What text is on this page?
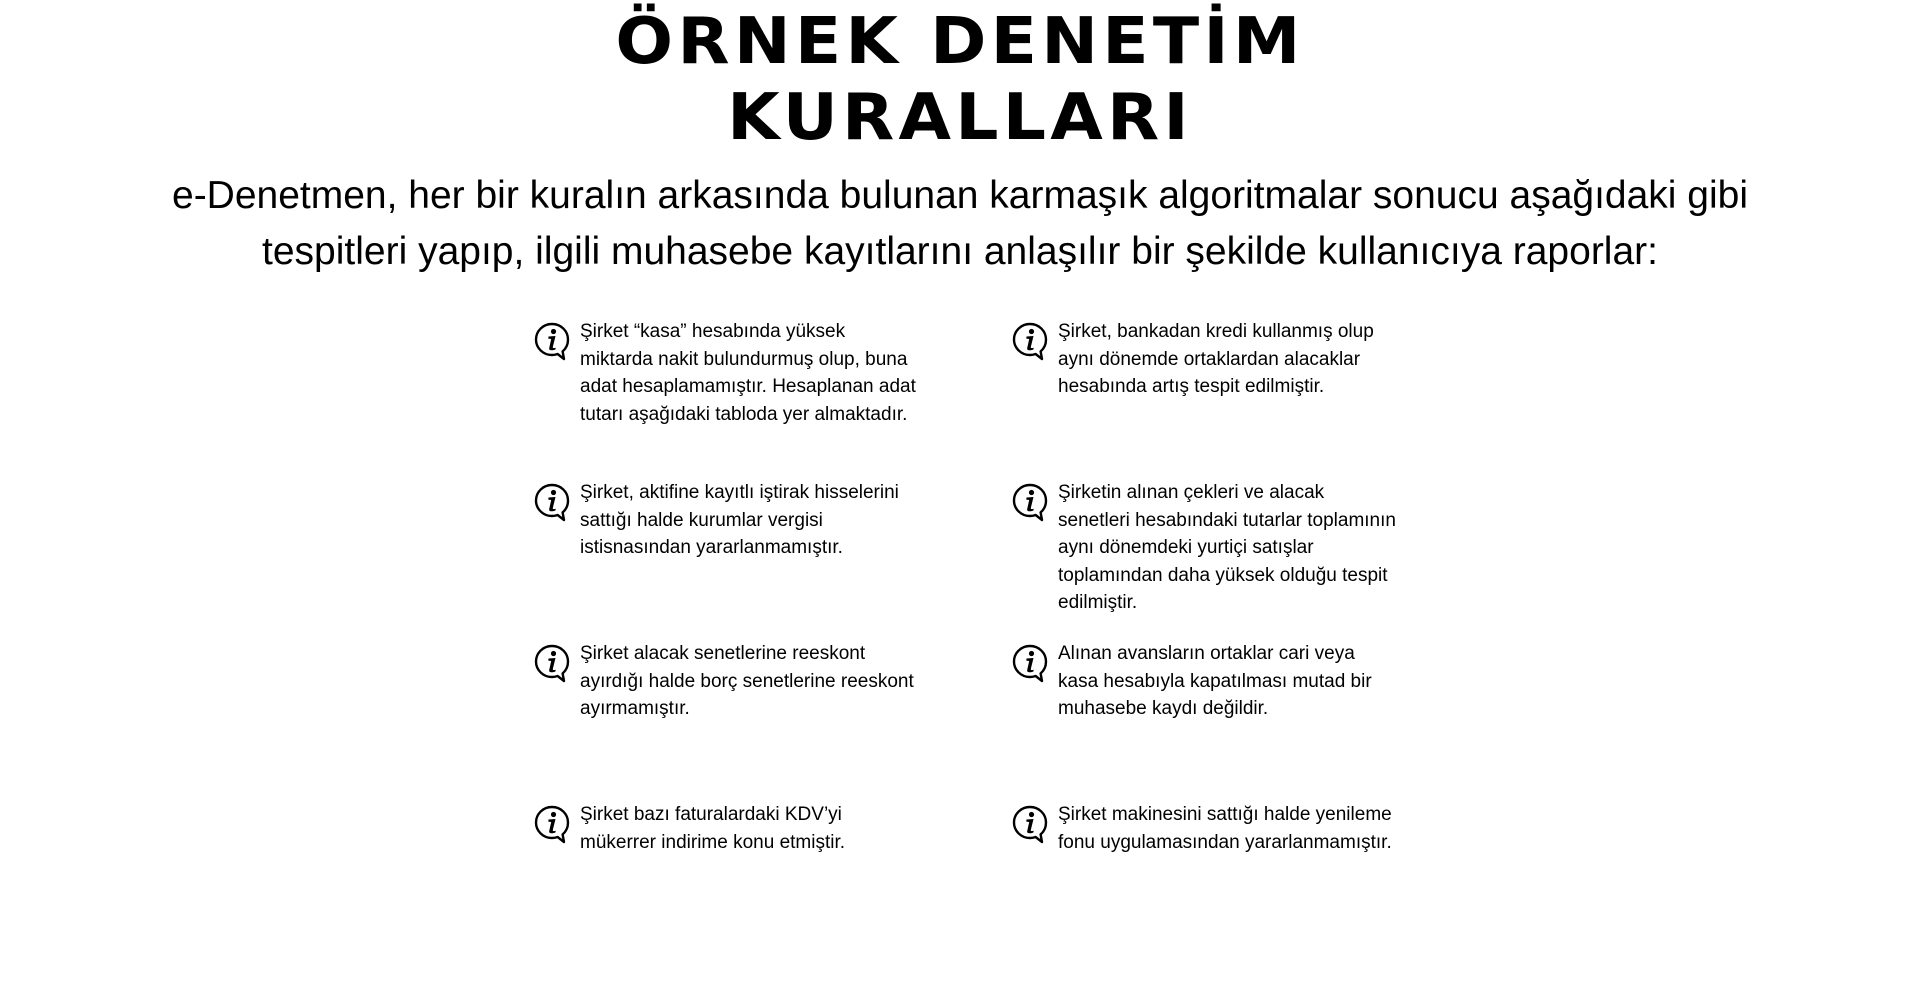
ÖRNEK DENETİM
KURALLARI

e-Denetmen, her bir kuralın arkasında bulunan karmaşık algoritmalar sonucu aşağıdaki gibi tespitleri yapıp, ilgili muhasebe kayıtlarını anlaşılır bir şekilde kullanıcıya raporlar:

Şirket “kasa” hesabında yüksek miktarda nakit bulundurmuş olup, buna adat hesaplamamıştır. Hesaplanan adat tutarı aşağıdaki tabloda yer almaktadır.

Şirket, bankadan kredi kullanmış olup aynı dönemde ortaklardan alacaklar hesabında artış tespit edilmiştir.

Şirket, aktifine kayıtlı iştirak hisselerini sattığı halde kurumlar vergisi istisnasından yararlanmamıştır.

Şirketin alınan çekleri ve alacak senetleri hesabındaki tutarlar toplamının aynı dönemdeki yurtiçi satışlar toplamından daha yüksek olduğu tespit edilmiştir.

Şirket alacak senetlerine reeskont ayırdığı halde borç senetlerine reeskont ayırmamıştır.

Alınan avansların ortaklar cari veya kasa hesabıyla kapatılması mutad bir muhasebe kaydı değildir.

Şirket bazı faturalardaki KDV’yi mükerrer indirime konu etmiştir.

Şirket makinesini sattığı halde yenileme fonu uygulamasından yararlanmamıştır.
